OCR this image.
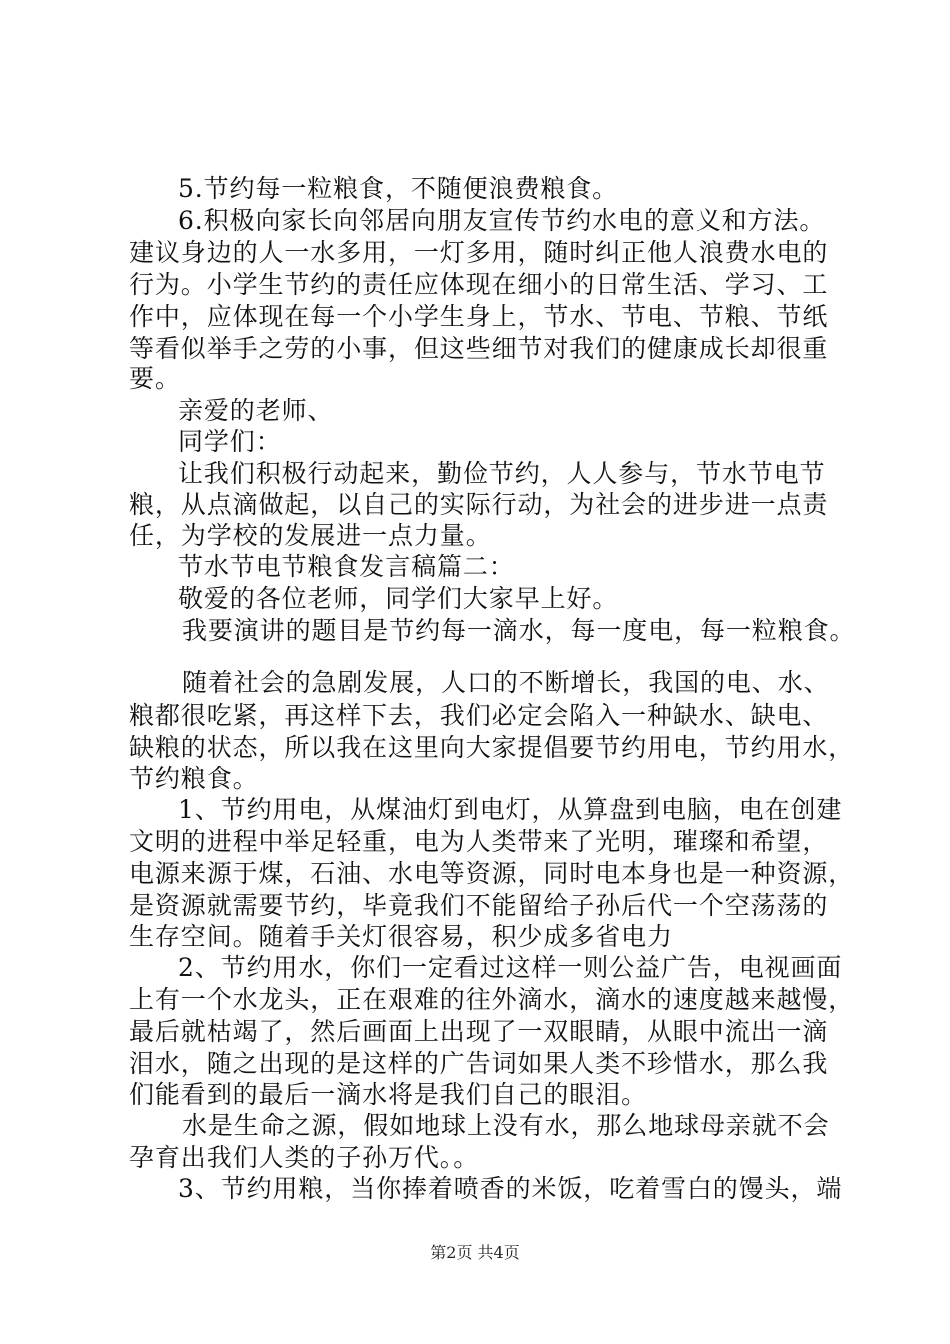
5.节约每一粒粮食，不随便浪费粮食。
6.积极向家长向邻居向朋友宣传节约水电的意义和方法。
建议身边的人一水多用，一灯多用，随时纠正他人浪费水电的
行为。小学生节约的责任应体现在细小的日常生活、学习、工
作中，应体现在每一个小学生身上，节水、节电、节粮、节纸
等看似举手之劳的小事，但这些细节对我们的健康成长却很重
要。
亲爱的老师、
同学们：
让我们积极行动起来，勤俭节约，人人参与，节水节电节
粮，从点滴做起，以自己的实际行动，为社会的进步进一点责
任，为学校的发展进一点力量。
节水节电节粮食发言稿篇二：
敬爱的各位老师，同学们大家早上好。
我要演讲的题目是节约每一滴水，每一度电，每一粒粮食。
随着社会的急剧发展，人口的不断增长，我国的电、水、
粮都很吃紧，再这样下去，我们必定会陷入一种缺水、缺电、
缺粮的状态，所以我在这里向大家提倡要节约用电，节约用水，
节约粮食。
1、节约用电，从煤油灯到电灯，从算盘到电脑，电在创建
文明的进程中举足轻重，电为人类带来了光明，璀璨和希望，
电源来源于煤，石油、水电等资源，同时电本身也是一种资源，
是资源就需要节约，毕竟我们不能留给子孙后代一个空荡荡的
生存空间。随着手关灯很容易，积少成多省电力
2、节约用水，你们一定看过这样一则公益广告，电视画面
上有一个水龙头，正在艰难的往外滴水，滴水的速度越来越慢，
最后就枯竭了，然后画面上出现了一双眼睛，从眼中流出一滴
泪水，随之出现的是这样的广告词如果人类不珍惜水，那么我
们能看到的最后一滴水将是我们自己的眼泪。
水是生命之源，假如地球上没有水，那么地球母亲就不会
孕育出我们人类的子孙万代。。
3、节约用粮，当你捧着喷香的米饭，吃着雪白的馒头，端
第2页 共4页
